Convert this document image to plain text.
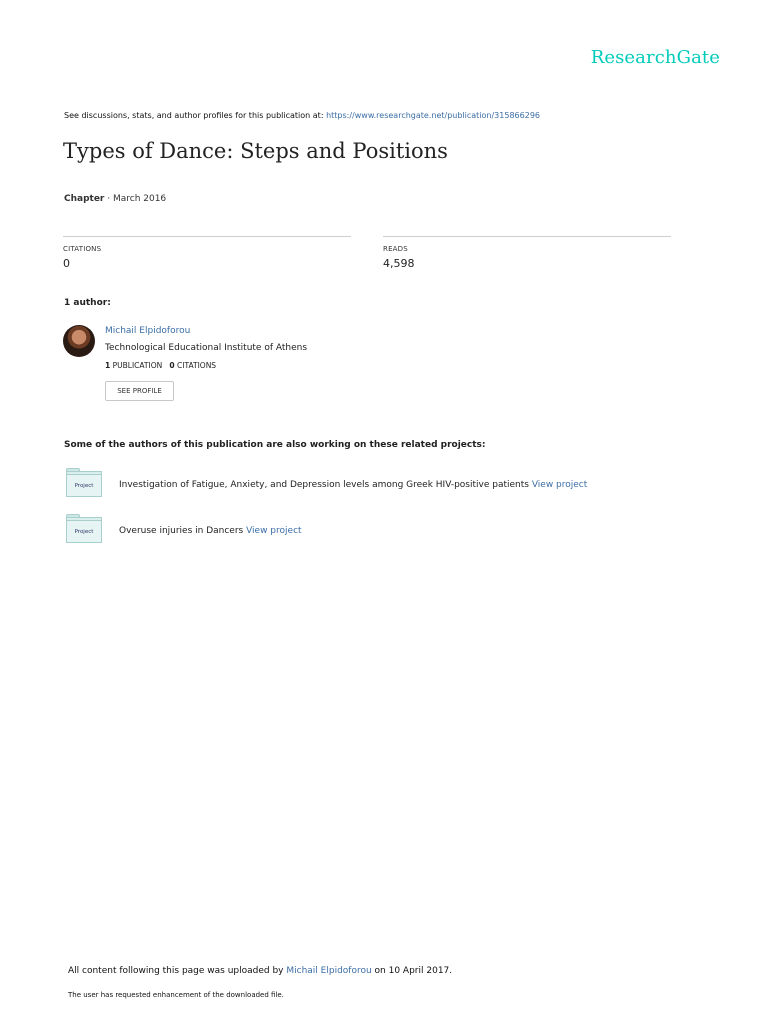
ResearchGate
See discussions, stats, and author profiles for this publication at: https://www.researchgate.net/publication/315866296
Types of Dance: Steps and Positions
Chapter · March 2016
CITATIONS
0
READS
4,598
1 author:
Michail Elpidoforou
Technological Educational Institute of Athens
1 PUBLICATION 0 CITATIONS
SEE PROFILE
Some of the authors of this publication are also working on these related projects:
Project	Investigation of Fatigue, Anxiety, and Depression levels among Greek HIV-positive patients View project
Project	Overuse injuries in Dancers View project
All content following this page was uploaded by Michail Elpidoforou on 10 April 2017.
The user has requested enhancement of the downloaded file.
